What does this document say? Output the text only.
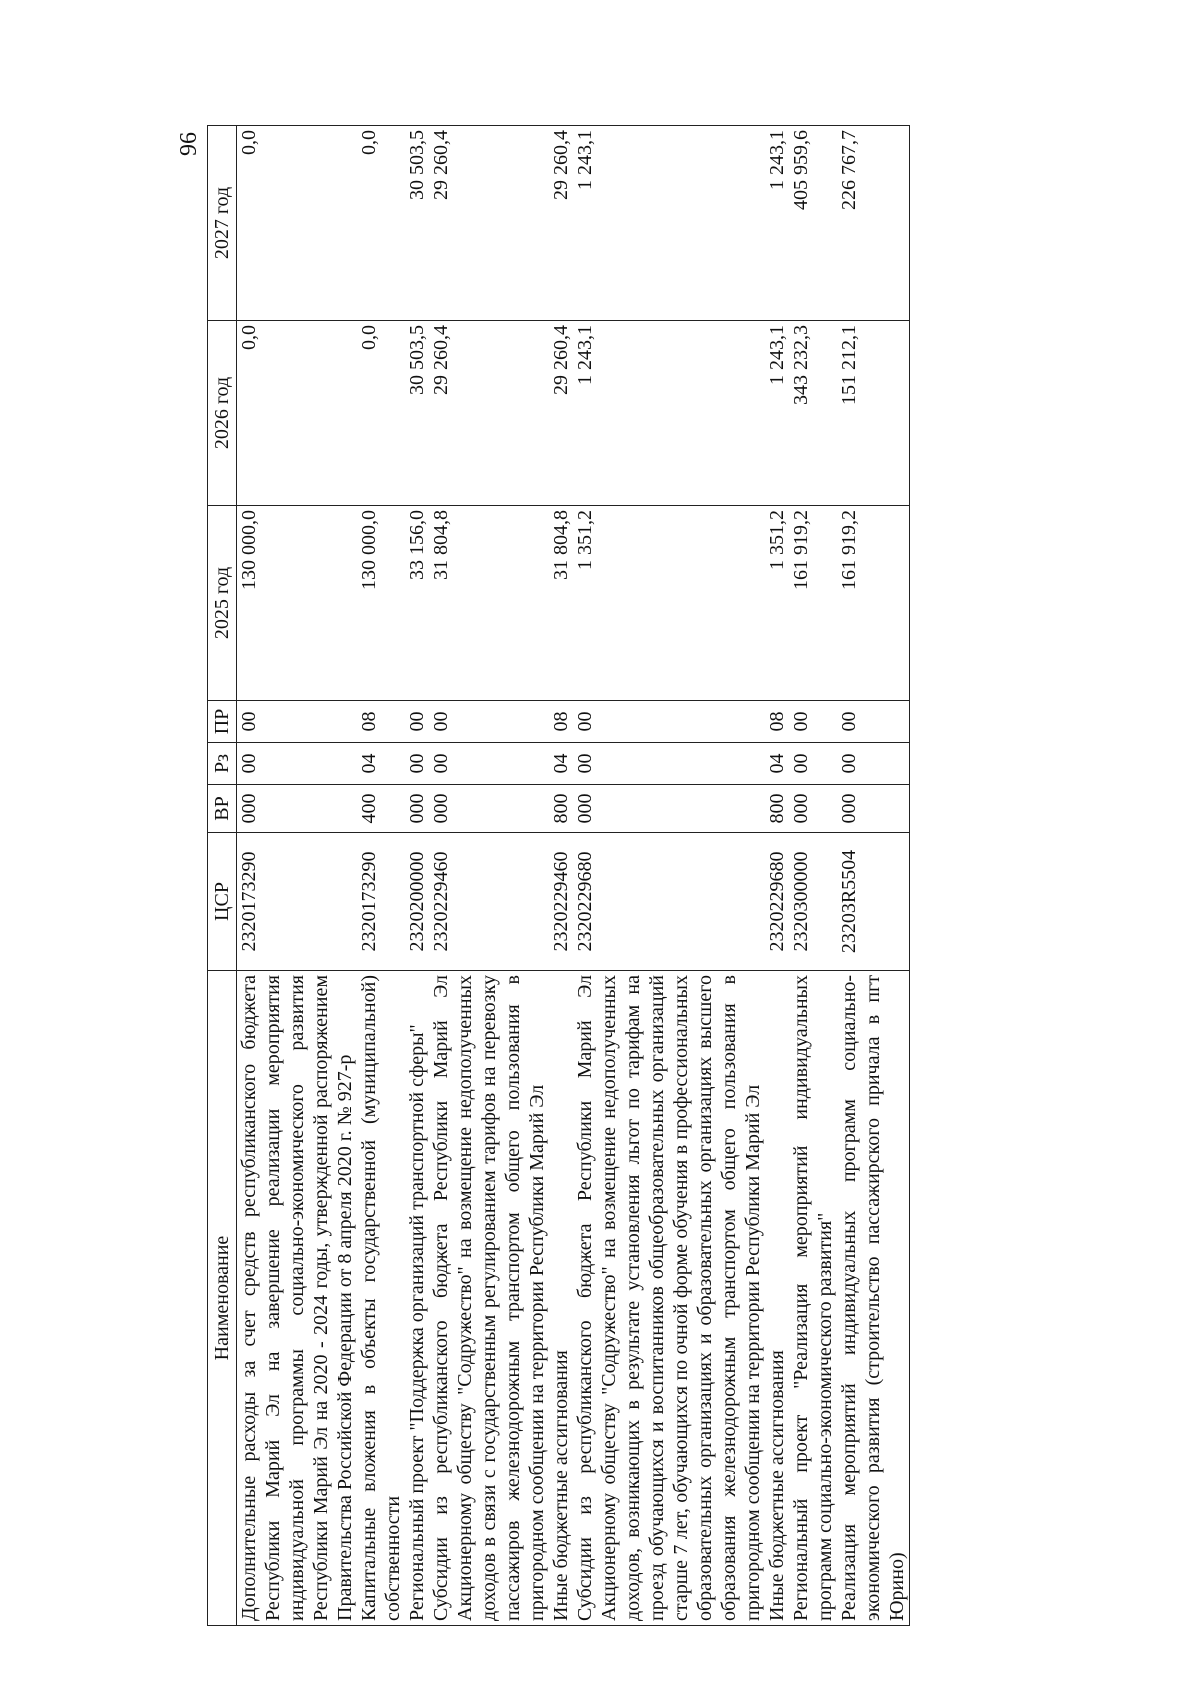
96
Наименование	ЦСР	ВР	Рз	ПР	2025 год	2026 год	2027 год
Дополнительные расходы за счет средств республиканского бюджета Республики Марий Эл на завершение реализации мероприятия индивидуальной программы социально-экономического развития Республики Марий Эл на 2020 - 2024 годы, утвержденной распоряжением Правительства Российской Федерации от 8 апреля 2020 г. № 927-р	2320173290	000	00	00	130 000,0	0,0	0,0
Капитальные вложения в объекты государственной (муниципальной) собственности	2320173290	400	04	08	130 000,0	0,0	0,0
Региональный проект "Поддержка организаций транспортной сферы"	2320200000	000	00	00	33 156,0	30 503,5	30 503,5
Субсидии из республиканского бюджета Республики Марий Эл Акционерному обществу "Содружество" на возмещение недополученных доходов в связи с государственным регулированием тарифов на перевозку пассажиров железнодорожным транспортом общего пользования в пригородном сообщении на территории Республики Марий Эл	2320229460	000	00	00	31 804,8	29 260,4	29 260,4
Иные бюджетные ассигнования	2320229460	800	04	08	31 804,8	29 260,4	29 260,4
Субсидии из республиканского бюджета Республики Марий Эл Акционерному обществу "Содружество" на возмещение недополученных доходов, возникающих в результате установления льгот по тарифам на проезд обучающихся и воспитанников общеобразовательных организаций старше 7 лет, обучающихся по очной форме обучения в профессиональных образовательных организациях и образовательных организациях высшего образования железнодорожным транспортом общего пользования в пригородном сообщении на территории Республики Марий Эл	2320229680	000	00	00	1 351,2	1 243,1	1 243,1
Иные бюджетные ассигнования	2320229680	800	04	08	1 351,2	1 243,1	1 243,1
Региональный проект "Реализация мероприятий индивидуальных программ социально-экономического развития"	2320300000	000	00	00	161 919,2	343 232,3	405 959,6
Реализация мероприятий индивидуальных программ социально-экономического развития (строительство пассажирского причала в пгт Юрино)	23203R5504	000	00	00	161 919,2	151 212,1	226 767,7
